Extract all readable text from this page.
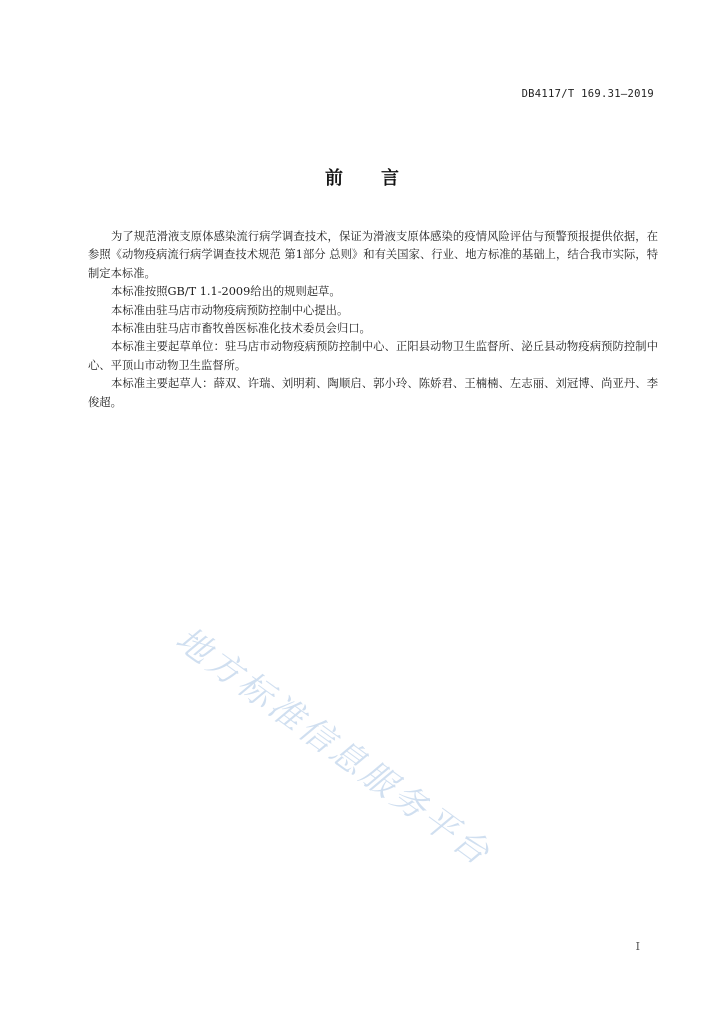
DB4117/T 169.31—2019
前言

为了规范滑液支原体感染流行病学调查技术，保证为滑液支原体感染的疫情风险评估与预警预报提供依据，在参照《动物疫病流行病学调查技术规范 第1部分 总则》和有关国家、行业、地方标准的基础上，结合我市实际，特制定本标准。

本标准按照GB/T 1.1-2009给出的规则起草。

本标准由驻马店市动物疫病预防控制中心提出。

本标准由驻马店市畜牧兽医标准化技术委员会归口。

本标准主要起草单位：驻马店市动物疫病预防控制中心、正阳县动物卫生监督所、泌丘县动物疫病预防控制中心、平顶山市动物卫生监督所。

本标准主要起草人：薛双、许瑞、刘明莉、陶顺启、郭小玲、陈娇君、王楠楠、左志丽、刘冠博、尚亚丹、李俊超。

地方标准信息服务平台
I
